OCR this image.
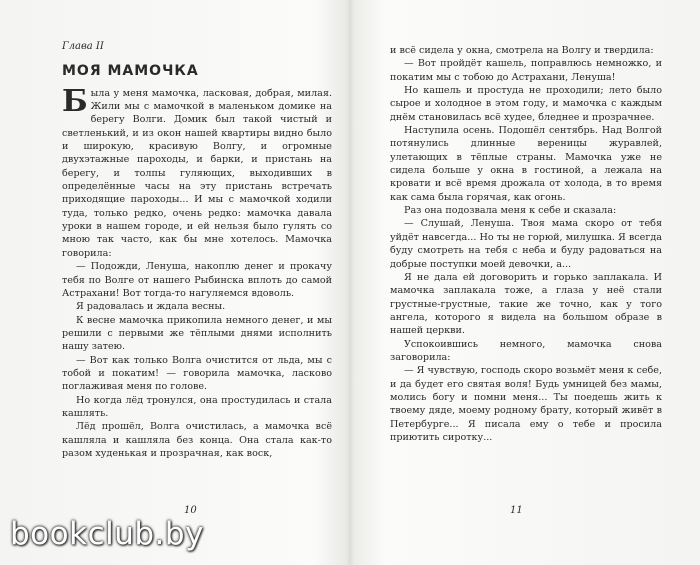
Глава II
МОЯ МАМОЧКА

Была у меня мамочка, ласковая, добрая, милая. Жили мы с мамочкой в маленьком домике на берегу Волги. Домик был такой чистый и светленький, и из окон нашей квартиры видно было и широкую, красивую Волгу, и огромные двухэтажные пароходы, и барки, и пристань на берегу, и толпы гуляющих, выходивших в определённые часы на эту пристань встречать приходящие пароходы... И мы с мамочкой ходили туда, только редко, очень редко: мамочка давала уроки в нашем городе, и ей нельзя было гулять со мною так часто, как бы мне хотелось. Мамочка говорила:

— Подожди, Ленуша, накоплю денег и прокачу тебя по Волге от нашего Рыбинска вплоть до самой Астрахани! Вот тогда-то нагуляемся вдоволь.

Я радовалась и ждала весны.

К весне мамочка прикопила немного денег, и мы решили с первыми же тёплыми днями исполнить нашу затею.

— Вот как только Волга очистится от льда, мы с тобой и покатим! — говорила мамочка, ласково поглаживая меня по голове.

Но когда лёд тронулся, она простудилась и стала кашлять.

Лёд прошёл, Волга очистилась, а мамочка всё кашляла и кашляла без конца. Она стала как-то разом худенькая и прозрачная, как воск,

и всё сидела у окна, смотрела на Волгу и твердила:

— Вот пройдёт кашель, поправлюсь немножко, и покатим мы с тобою до Астрахани, Ленуша!

Но кашель и простуда не проходили; лето было сырое и холодное в этом году, и мамочка с каждым днём становилась всё худее, бледнее и прозрачнее.

Наступила осень. Подошёл сентябрь. Над Волгой потянулись длинные вереницы журавлей, улетающих в тёплые страны. Мамочка уже не сидела больше у окна в гостиной, а лежала на кровати и всё время дрожала от холода, в то время как сама была горячая, как огонь.

Раз она подозвала меня к себе и сказала:

— Слушай, Ленуша. Твоя мама скоро от тебя уйдёт навсегда... Но ты не горюй, милушка. Я всегда буду смотреть на тебя с неба и буду радоваться на добрые поступки моей девочки, а...

Я не дала ей договорить и горько заплакала. И мамочка заплакала тоже, а глаза у неё стали грустные-грустные, такие же точно, как у того ангела, которого я видела на большом образе в нашей церкви.

Успокоившись немного, мамочка снова заговорила:

— Я чувствую, господь скоро возьмёт меня к себе, и да будет его святая воля! Будь умницей без мамы, молись богу и помни меня... Ты поедешь жить к твоему дяде, моему родному брату, который живёт в Петербурге... Я писала ему о тебе и просила приютить сиротку...

10	11
bookclub.by
